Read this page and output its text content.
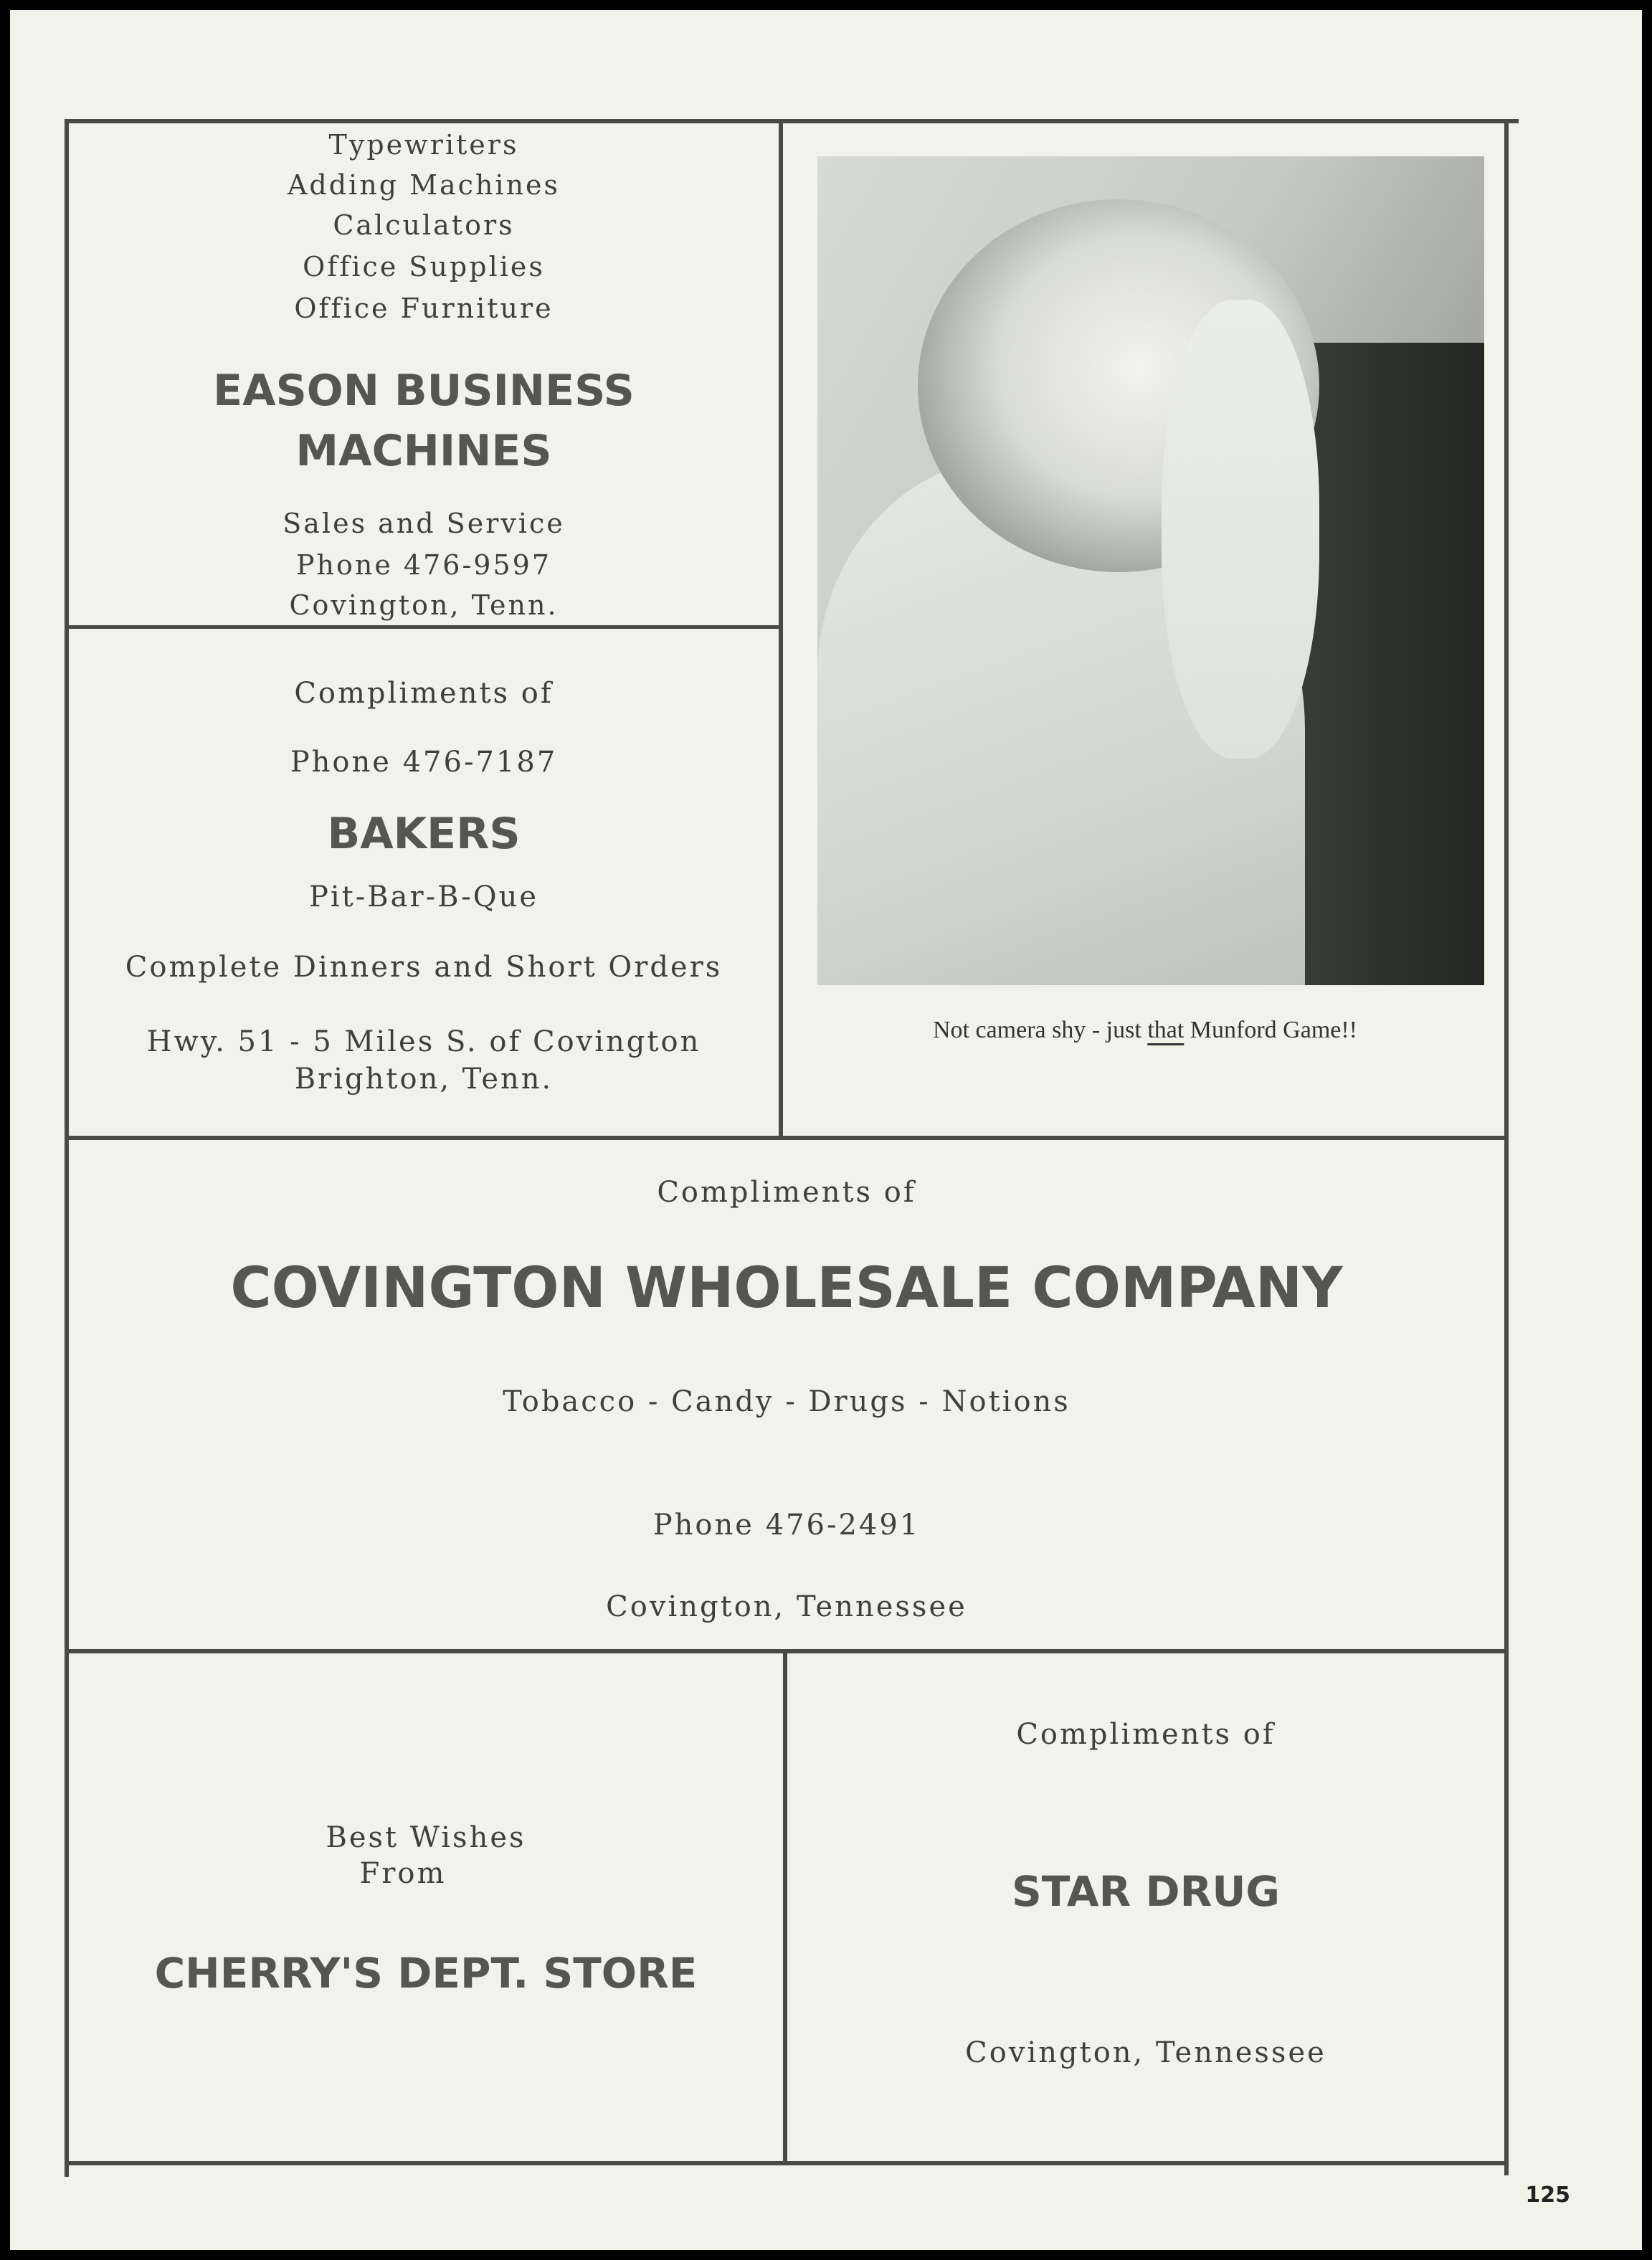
Typewriters
Adding Machines
Calculators
Office Supplies
Office Furniture
EASON BUSINESS
MACHINES
Sales and Service
Phone 476-9597
Covington, Tenn.
Compliments of
Phone 476-7187
BAKERS
Pit-Bar-B-Que
Complete Dinners and Short Orders
Hwy. 51 - 5 Miles S. of Covington
Brighton, Tenn.
Not camera shy - just that Munford Game!!
Compliments of
COVINGTON WHOLESALE COMPANY
Tobacco - Candy - Drugs - Notions
Phone 476-2491
Covington, Tennessee
Best Wishes
From
CHERRY'S DEPT. STORE
Compliments of
STAR DRUG
Covington, Tennessee
125
